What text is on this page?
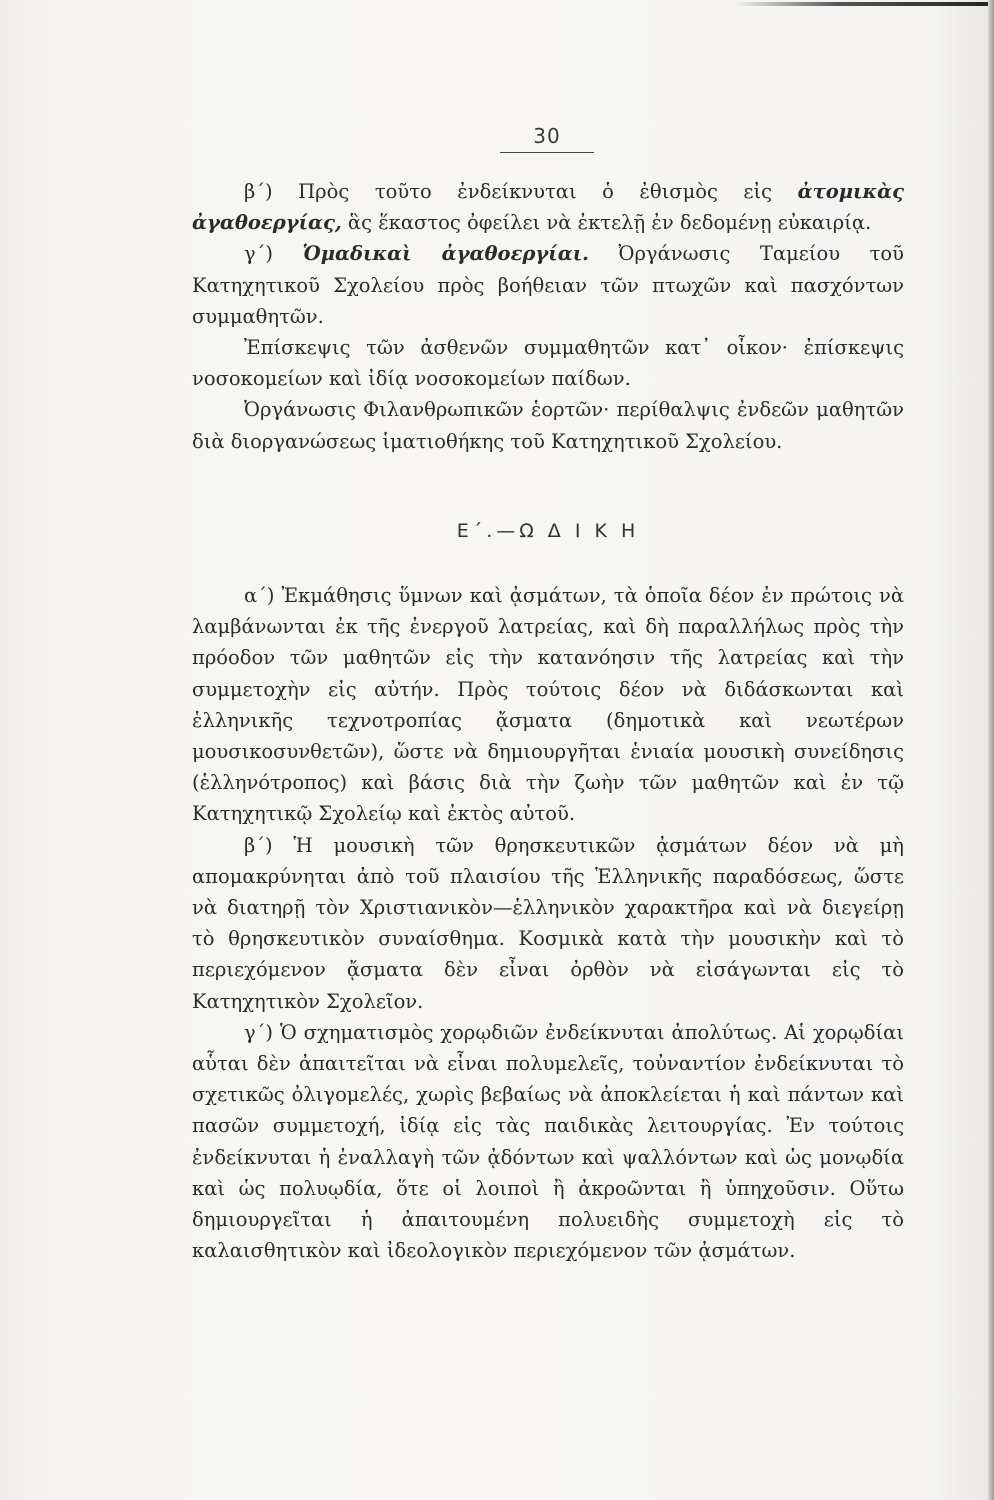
30

β΄) Πρὸς τοῦτο ἐνδείκνυται ὁ ἐθισμὸς εἰς ἀτομικὰς ἀγαθοεργίας, ἃς ἕκαστος ὀφείλει νὰ ἐκτελῇ ἐν δεδομένῃ εὐκαιρίᾳ.

γ΄) Ὁμαδικαὶ ἀγαθοεργίαι. Ὀργάνωσις Ταμείου τοῦ Κατηχητικοῦ Σχολείου πρὸς βοήθειαν τῶν πτωχῶν καὶ πασχόντων συμμαθητῶν.

Ἐπίσκεψις τῶν ἀσθενῶν συμμαθητῶν κατ᾽ οἶκον· ἐπίσκεψις νοσοκομείων καὶ ἰδίᾳ νοσοκομείων παίδων.

Ὀργάνωσις Φιλανθρωπικῶν ἑορτῶν· περίθαλψις ἐνδεῶν μαθητῶν διὰ διοργανώσεως ἱματιοθήκης τοῦ Κατηχητικοῦ Σχολείου.

Ε΄.—Ω Δ Ι Κ Η

α΄) Ἐκμάθησις ὕμνων καὶ ᾀσμάτων, τὰ ὁποῖα δέον ἐν πρώτοις νὰ λαμβάνωνται ἐκ τῆς ἐνεργοῦ λατρείας, καὶ δὴ παραλλήλως πρὸς τὴν πρόοδον τῶν μαθητῶν εἰς τὴν κατανόησιν τῆς λατρείας καὶ τὴν συμμετοχὴν εἰς αὐτήν. Πρὸς τούτοις δέον νὰ διδάσκωνται καὶ ἑλληνικῆς τεχνοτροπίας ᾄσματα (δημοτικὰ καὶ νεωτέρων μουσικοσυνθετῶν), ὥστε νὰ δημιουργῆται ἑνιαία μουσικὴ συνείδησις (ἑλληνότροπος) καὶ βάσις διὰ τὴν ζωὴν τῶν μαθητῶν καὶ ἐν τῷ Κατηχητικῷ Σχολείῳ καὶ ἐκτὸς αὐτοῦ.

β΄) Ἡ μουσικὴ τῶν θρησκευτικῶν ᾀσμάτων δέον νὰ μὴ απομακρύνηται ἀπὸ τοῦ πλαισίου τῆς Ἑλληνικῆς παραδόσεως, ὥστε νὰ διατηρῇ τὸν Χριστιανικὸν—ἑλληνικὸν χαρακτῆρα καὶ νὰ διεγείρῃ τὸ θρησκευτικὸν συναίσθημα. Κοσμικὰ κατὰ τὴν μουσικὴν καὶ τὸ περιεχόμενον ᾄσματα δὲν εἶναι ὀρθὸν νὰ εἰσάγωνται εἰς τὸ Κατηχητικὸν Σχολεῖον.

γ΄) Ὁ σχηματισμὸς χορῳδιῶν ἐνδείκνυται ἀπολύτως. Αἱ χορῳδίαι αὗται δὲν ἀπαιτεῖται νὰ εἶναι πολυμελεῖς, τοὐναντίον ἐνδείκνυται τὸ σχετικῶς ὀλιγομελές, χωρὶς βεβαίως νὰ ἀποκλείεται ἡ καὶ πάντων καὶ πασῶν συμμετοχή, ἰδίᾳ εἰς τὰς παιδικὰς λειτουργίας. Ἐν τούτοις ἐνδείκνυται ἡ ἐναλλαγὴ τῶν ᾀδόντων καὶ ψαλλόντων καὶ ὡς μονῳδία καὶ ὡς πολυῳδία, ὅτε οἱ λοιποὶ ἢ ἀκροῶνται ἢ ὑπηχοῦσιν. Οὕτω δημιουργεῖται ἡ ἀπαιτουμένη πολυειδὴς συμμετοχὴ εἰς τὸ καλαισθητικὸν καὶ ἰδεολογικὸν περιεχόμενον τῶν ᾀσμάτων.
